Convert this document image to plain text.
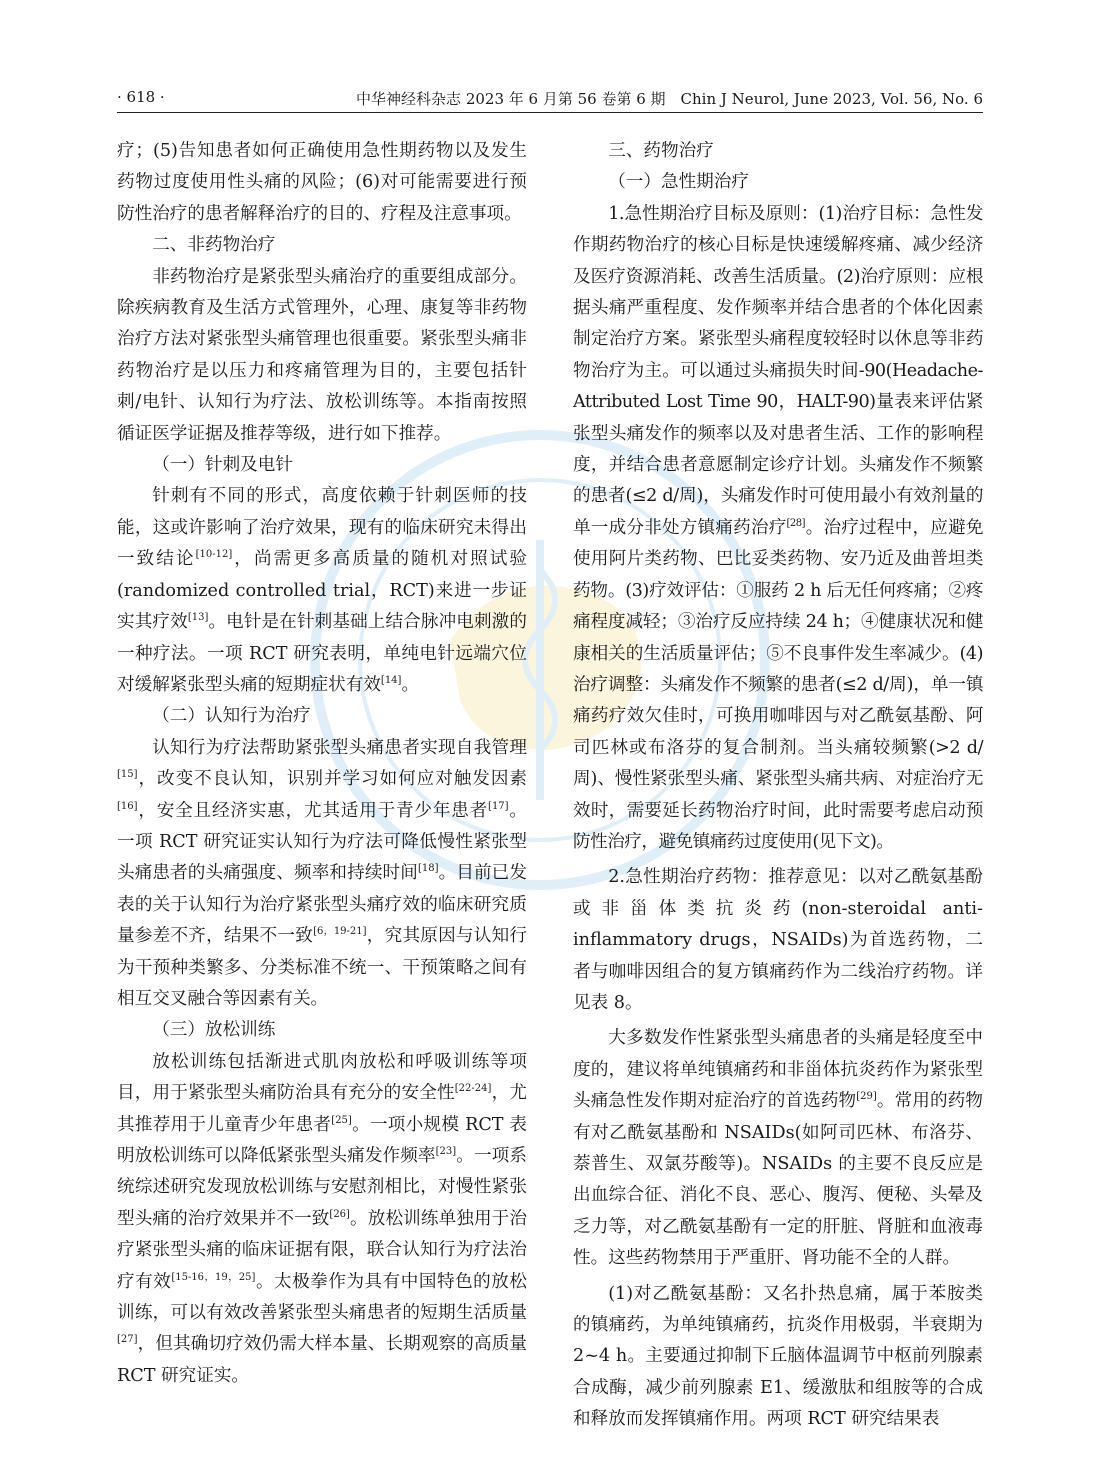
· 618 ·	中华神经科杂志 2023 年 6 月第 56 卷第 6 期　Chin J Neurol, June 2023, Vol. 56, No. 6

疗；(5)告知患者如何正确使用急性期药物以及发生药物过度使用性头痛的风险；(6)对可能需要进行预防性治疗的患者解释治疗的目的、疗程及注意事项。

二、非药物治疗

非药物治疗是紧张型头痛治疗的重要组成部分。除疾病教育及生活方式管理外，心理、康复等非药物治疗方法对紧张型头痛管理也很重要。紧张型头痛非药物治疗是以压力和疼痛管理为目的，主要包括针刺/电针、认知行为疗法、放松训练等。本指南按照循证医学证据及推荐等级，进行如下推荐。

（一）针刺及电针

针刺有不同的形式，高度依赖于针刺医师的技能，这或许影响了治疗效果，现有的临床研究未得出一致结论[10-12]，尚需更多高质量的随机对照试验(randomized controlled trial，RCT)来进一步证实其疗效[13]。电针是在针刺基础上结合脉冲电刺激的一种疗法。一项 RCT 研究表明，单纯电针远端穴位对缓解紧张型头痛的短期症状有效[14]。

（二）认知行为治疗

认知行为疗法帮助紧张型头痛患者实现自我管理[15]，改变不良认知，识别并学习如何应对触发因素[16]，安全且经济实惠，尤其适用于青少年患者[17]。一项 RCT 研究证实认知行为疗法可降低慢性紧张型头痛患者的头痛强度、频率和持续时间[18]。目前已发表的关于认知行为治疗紧张型头痛疗效的临床研究质量参差不齐，结果不一致[6，19-21]，究其原因与认知行为干预种类繁多、分类标准不统一、干预策略之间有相互交叉融合等因素有关。

（三）放松训练

放松训练包括渐进式肌肉放松和呼吸训练等项目，用于紧张型头痛防治具有充分的安全性[22-24]，尤其推荐用于儿童青少年患者[25]。一项小规模 RCT 表明放松训练可以降低紧张型头痛发作频率[23]。一项系统综述研究发现放松训练与安慰剂相比，对慢性紧张型头痛的治疗效果并不一致[26]。放松训练单独用于治疗紧张型头痛的临床证据有限，联合认知行为疗法治疗有效[15-16，19，25]。太极拳作为具有中国特色的放松训练，可以有效改善紧张型头痛患者的短期生活质量[27]，但其确切疗效仍需大样本量、长期观察的高质量 RCT 研究证实。

三、药物治疗

（一）急性期治疗

1.急性期治疗目标及原则：(1)治疗目标：急性发作期药物治疗的核心目标是快速缓解疼痛、减少经济及医疗资源消耗、改善生活质量。(2)治疗原则：应根据头痛严重程度、发作频率并结合患者的个体化因素制定治疗方案。紧张型头痛程度较轻时以休息等非药物治疗为主。可以通过头痛损失时间-90(Headache-Attributed Lost Time 90，HALT-90)量表来评估紧张型头痛发作的频率以及对患者生活、工作的影响程度，并结合患者意愿制定诊疗计划。头痛发作不频繁的患者(≤2 d/周)，头痛发作时可使用最小有效剂量的单一成分非处方镇痛药治疗[28]。治疗过程中，应避免使用阿片类药物、巴比妥类药物、安乃近及曲普坦类药物。(3)疗效评估：①服药 2 h 后无任何疼痛；②疼痛程度减轻；③治疗反应持续 24 h；④健康状况和健康相关的生活质量评估；⑤不良事件发生率减少。(4)治疗调整：头痛发作不频繁的患者(≤2 d/周)，单一镇痛药疗效欠佳时，可换用咖啡因与对乙酰氨基酚、阿司匹林或布洛芬的复合制剂。当头痛较频繁(>2 d/周)、慢性紧张型头痛、紧张型头痛共病、对症治疗无效时，需要延长药物治疗时间，此时需要考虑启动预防性治疗，避免镇痛药过度使用(见下文)。

2.急性期治疗药物：推荐意见：以对乙酰氨基酚或非甾体类抗炎药(non-steroidal anti-inflammatory drugs，NSAIDs)为首选药物，二者与咖啡因组合的复方镇痛药作为二线治疗药物。详见表 8。

大多数发作性紧张型头痛患者的头痛是轻度至中度的，建议将单纯镇痛药和非甾体抗炎药作为紧张型头痛急性发作期对症治疗的首选药物[29]。常用的药物有对乙酰氨基酚和 NSAIDs(如阿司匹林、布洛芬、萘普生、双氯芬酸等)。NSAIDs 的主要不良反应是出血综合征、消化不良、恶心、腹泻、便秘、头晕及乏力等，对乙酰氨基酚有一定的肝脏、肾脏和血液毒性。这些药物禁用于严重肝、肾功能不全的人群。

(1)对乙酰氨基酚：又名扑热息痛，属于苯胺类的镇痛药，为单纯镇痛药，抗炎作用极弱，半衰期为 2~4 h。主要通过抑制下丘脑体温调节中枢前列腺素合成酶，减少前列腺素 E1、缓激肽和组胺等的合成和释放而发挥镇痛作用。两项 RCT 研究结果表
